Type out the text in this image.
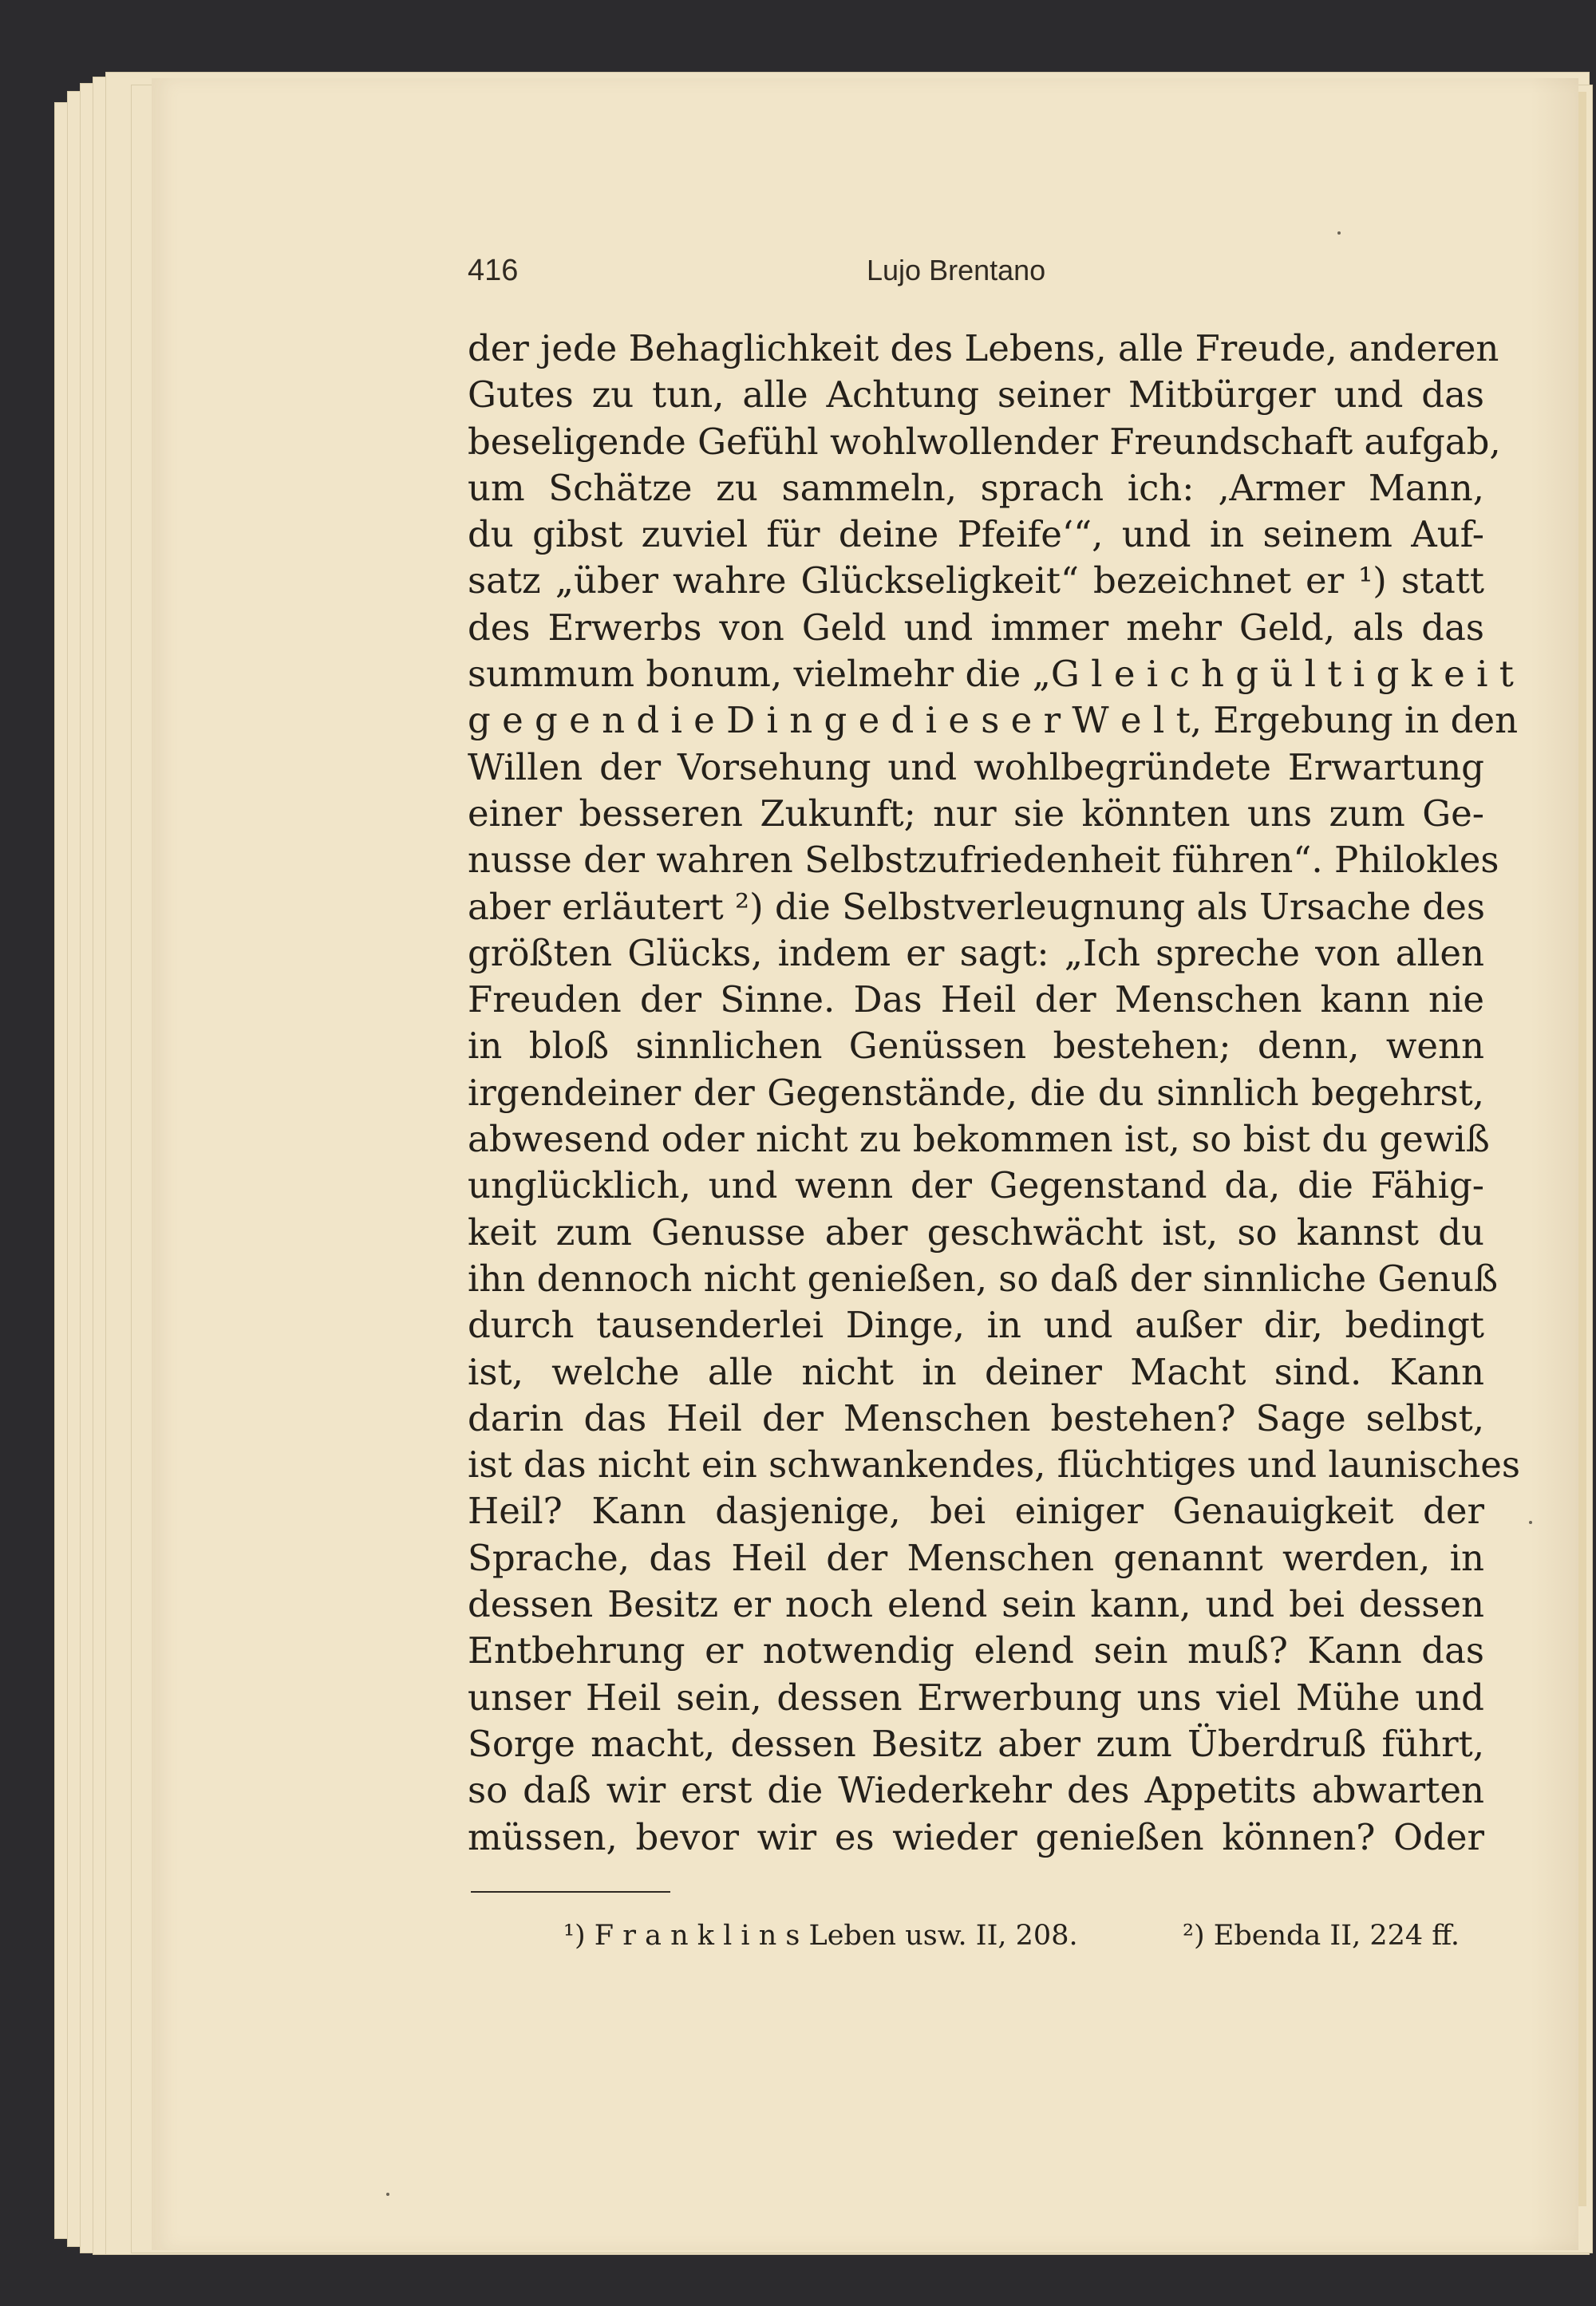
416	Lujo Brentano
der jede Behaglichkeit des Lebens, alle Freude, anderen
Gutes zu tun, alle Achtung seiner Mitbürger und das
beseligende Gefühl wohlwollender Freundschaft aufgab,
um Schätze zu sammeln, sprach ich: ‚Armer Mann,
du gibst zuviel für deine Pfeife‘“, und in seinem Auf-
satz „über wahre Glückseligkeit“ bezeichnet er ¹) statt
des Erwerbs von Geld und immer mehr Geld, als das
summum bonum, vielmehr die „G l e i c h g ü l t i g k e i t
g e g e n d i e D i n g e d i e s e r W e l t, Ergebung in den
Willen der Vorsehung und wohlbegründete Erwartung
einer besseren Zukunft; nur sie könnten uns zum Ge-
nusse der wahren Selbstzufriedenheit führen“. Philokles
aber erläutert ²) die Selbstverleugnung als Ursache des
größten Glücks, indem er sagt: „Ich spreche von allen
Freuden der Sinne. Das Heil der Menschen kann nie
in bloß sinnlichen Genüssen bestehen; denn, wenn
irgendeiner der Gegenstände, die du sinnlich begehrst,
abwesend oder nicht zu bekommen ist, so bist du gewiß
unglücklich, und wenn der Gegenstand da, die Fähig-
keit zum Genusse aber geschwächt ist, so kannst du
ihn dennoch nicht genießen, so daß der sinnliche Genuß
durch tausenderlei Dinge, in und außer dir, bedingt
ist, welche alle nicht in deiner Macht sind. Kann
darin das Heil der Menschen bestehen? Sage selbst,
ist das nicht ein schwankendes, flüchtiges und launisches
Heil? Kann dasjenige, bei einiger Genauigkeit der
Sprache, das Heil der Menschen genannt werden, in
dessen Besitz er noch elend sein kann, und bei dessen
Entbehrung er notwendig elend sein muß? Kann das
unser Heil sein, dessen Erwerbung uns viel Mühe und
Sorge macht, dessen Besitz aber zum Überdruß führt,
so daß wir erst die Wiederkehr des Appetits abwarten
müssen, bevor wir es wieder genießen können? Oder
¹) F r a n k l i n s Leben usw. II, 208.	²) Ebenda II, 224 ff.
